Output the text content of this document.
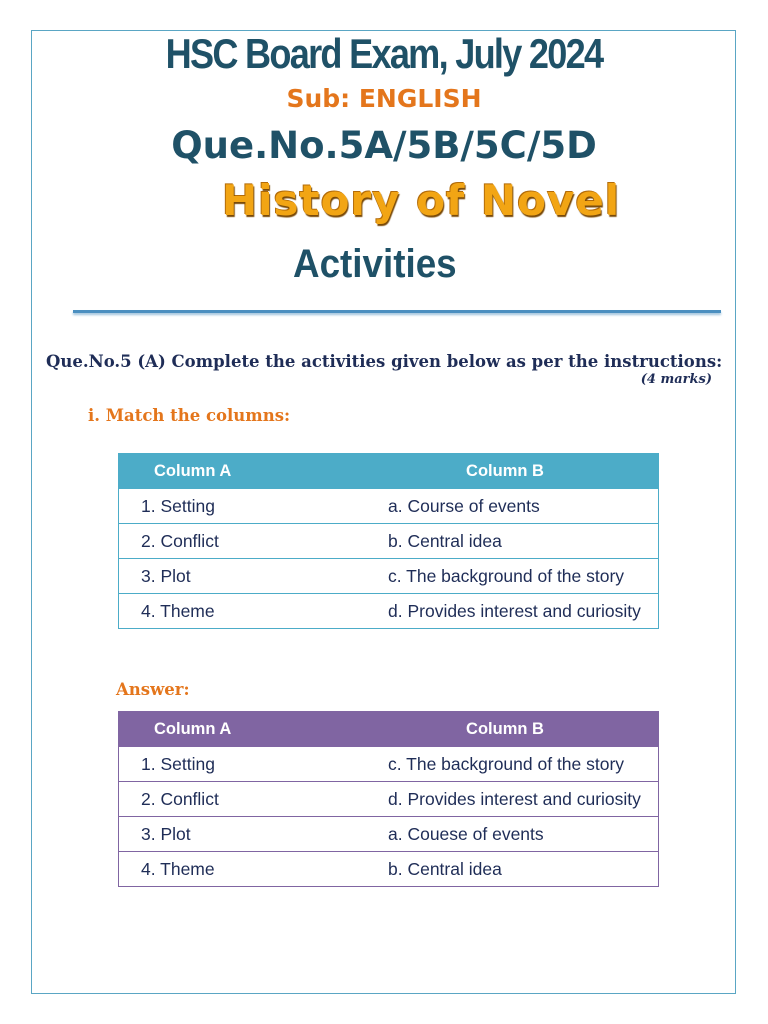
HSC Board Exam, July 2024
Sub: ENGLISH
Que.No.5A/5B/5C/5D
History of Novel
Activities
Que.No.5 (A) Complete the activities given below as per the instructions:
(4 marks)
i. Match the columns:
Column A	Column B
1. Setting	a. Course of events
2. Conflict	b. Central idea
3. Plot	c. The background of the story
4. Theme	d. Provides interest and curiosity
Answer:
Column A	Column B
1. Setting	c. The background of the story
2. Conflict	d. Provides interest and curiosity
3. Plot	a. Couese of events
4. Theme	b. Central idea
